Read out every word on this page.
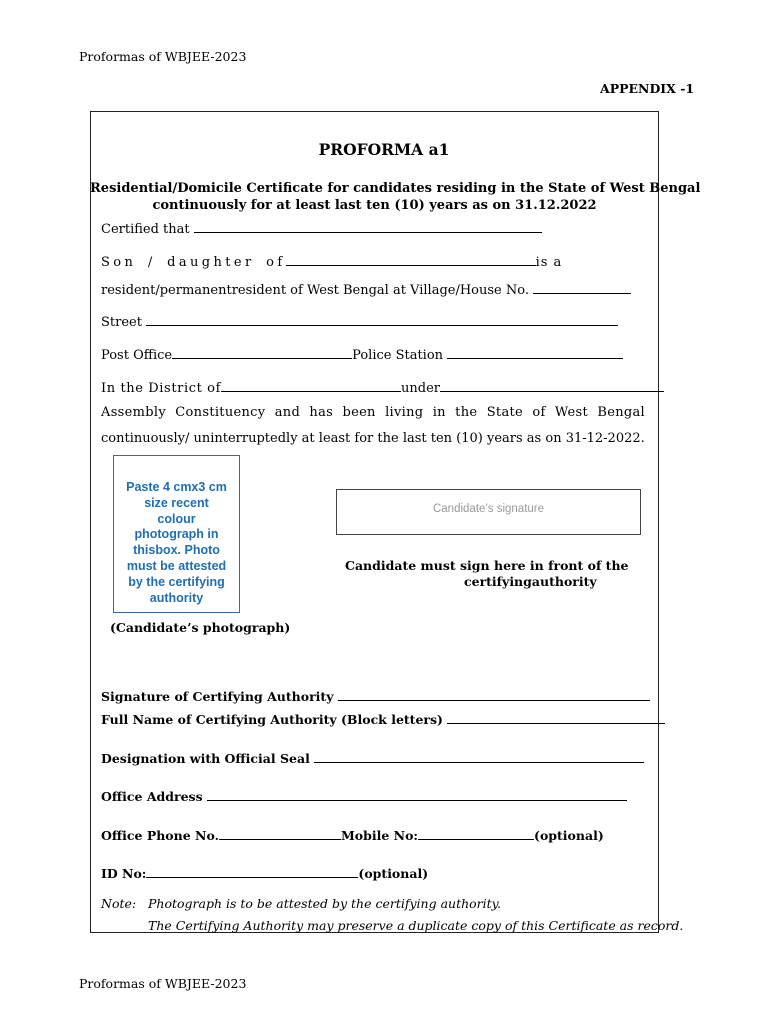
Proformas of WBJEE-2023
APPENDIX -1
PROFORMA a1
Residential/Domicile Certificate for candidates residing in the State of West Bengal
continuously for at least last ten (10) years as on 31.12.2022
Certified that
Son / daughter of	is a
resident/permanentresident of West Bengal at Village/House No.
Street
Post Office	Police Station
In the District of	under
Assembly Constituency and has been living in the State of West Bengal
continuously/ uninterruptedly at least for the last ten (10) years as on 31-12-2022.
Paste 4 cmx3 cm
size recent
colour
photograph in
thisbox. Photo
must be attested
by the certifying
authority
(Candidate’s photograph)
Candidate’s signature
Candidate must sign here in front of the
certifyingauthority
Signature of Certifying Authority
Full Name of Certifying Authority (Block letters)
Designation with Official Seal
Office Address
Office Phone No.	Mobile No:	(optional)
ID No:	(optional)
Note: Photograph is to be attested by the certifying authority.
The Certifying Authority may preserve a duplicate copy of this Certificate as record.
Proformas of WBJEE-2023
